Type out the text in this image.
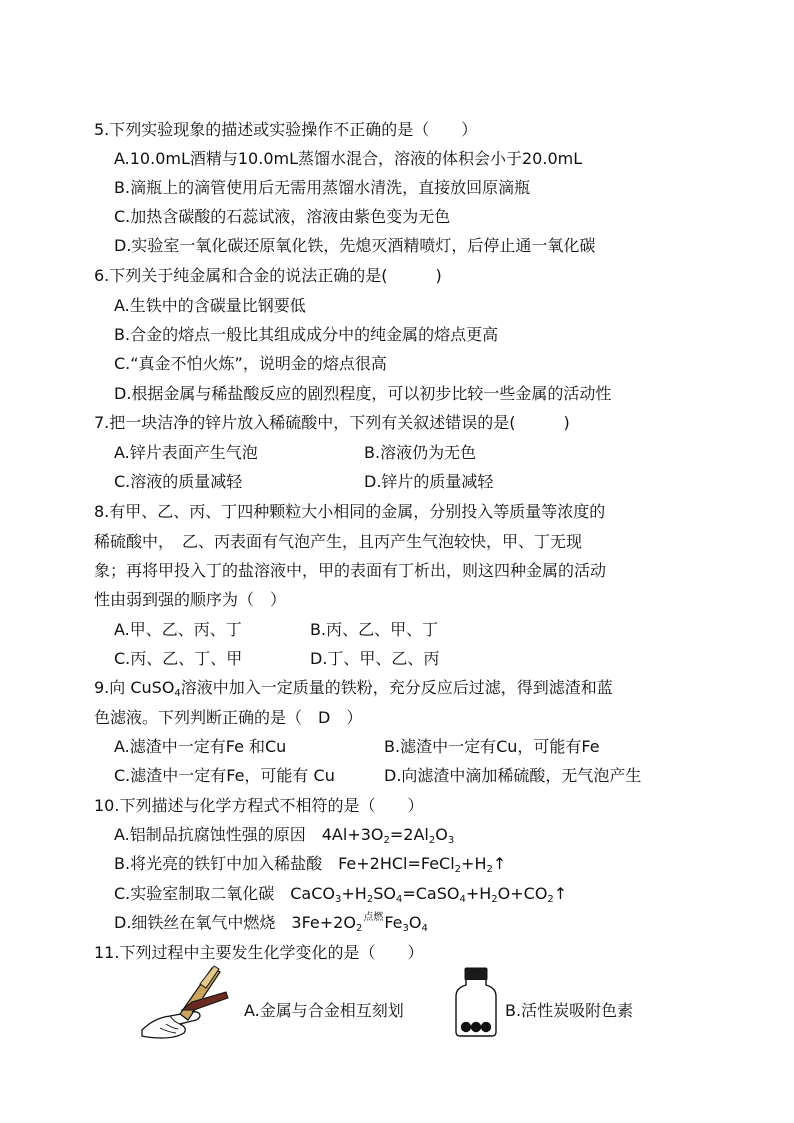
5.下列实验现象的描述或实验操作不正确的是（　　）
A.10.0mL酒精与10.0mL蒸馏水混合，溶液的体积会小于20.0mL
B.滴瓶上的滴管使用后无需用蒸馏水清洗，直接放回原滴瓶
C.加热含碳酸的石蕊试液，溶液由紫色变为无色
D.实验室一氧化碳还原氧化铁，先熄灭酒精喷灯，后停止通一氧化碳
6.下列关于纯金属和合金的说法正确的是(　　　)
A.生铁中的含碳量比钢要低
B.合金的熔点一般比其组成成分中的纯金属的熔点更高
C.“真金不怕火炼”，说明金的熔点很高
D.根据金属与稀盐酸反应的剧烈程度，可以初步比较一些金属的活动性
7.把一块洁净的锌片放入稀硫酸中，下列有关叙述错误的是(　　　)
A.锌片表面产生气泡	B.溶液仍为无色
C.溶液的质量减轻	D.锌片的质量减轻
8.有甲、乙、丙、丁四种颗粒大小相同的金属，分别投入等质量等浓度的
稀硫酸中，　乙、丙表面有气泡产生，且丙产生气泡较快，甲、丁无现
象；再将甲投入丁的盐溶液中，甲的表面有丁析出，则这四种金属的活动
性由弱到强的顺序为（　）
A.甲、乙、丙、丁	B.丙、乙、甲、丁
C.丙、乙、丁、甲	D.丁、甲、乙、丙
9.向 CuSO$_4$溶液中加入一定质量的铁粉，充分反应后过滤，得到滤渣和蓝
色滤液。下列判断正确的是（　D　）
A.滤渣中一定有Fe 和Cu	B.滤渣中一定有Cu，可能有Fe
C.滤渣中一定有Fe，可能有 Cu	D.向滤渣中滴加稀硫酸，无气泡产生
10.下列描述与化学方程式不相符的是（　　）
A.铝制品抗腐蚀性强的原因　$4Al+3O_2=2Al_2O_3$
B.将光亮的铁钉中加入稀盐酸　$Fe+2HCl=FeCl_2+H_2↑$
C.实验室制取二氧化碳　$CaCO_3+H_2SO_4=CaSO_4+H_2O+CO_2↑$
D.细铁丝在氧气中燃烧　$3Fe+2O_2^{点燃}Fe_3O_4$
11.下列过程中主要发生化学变化的是（　　）
A.金属与合金相互刻划	B.活性炭吸附色素
